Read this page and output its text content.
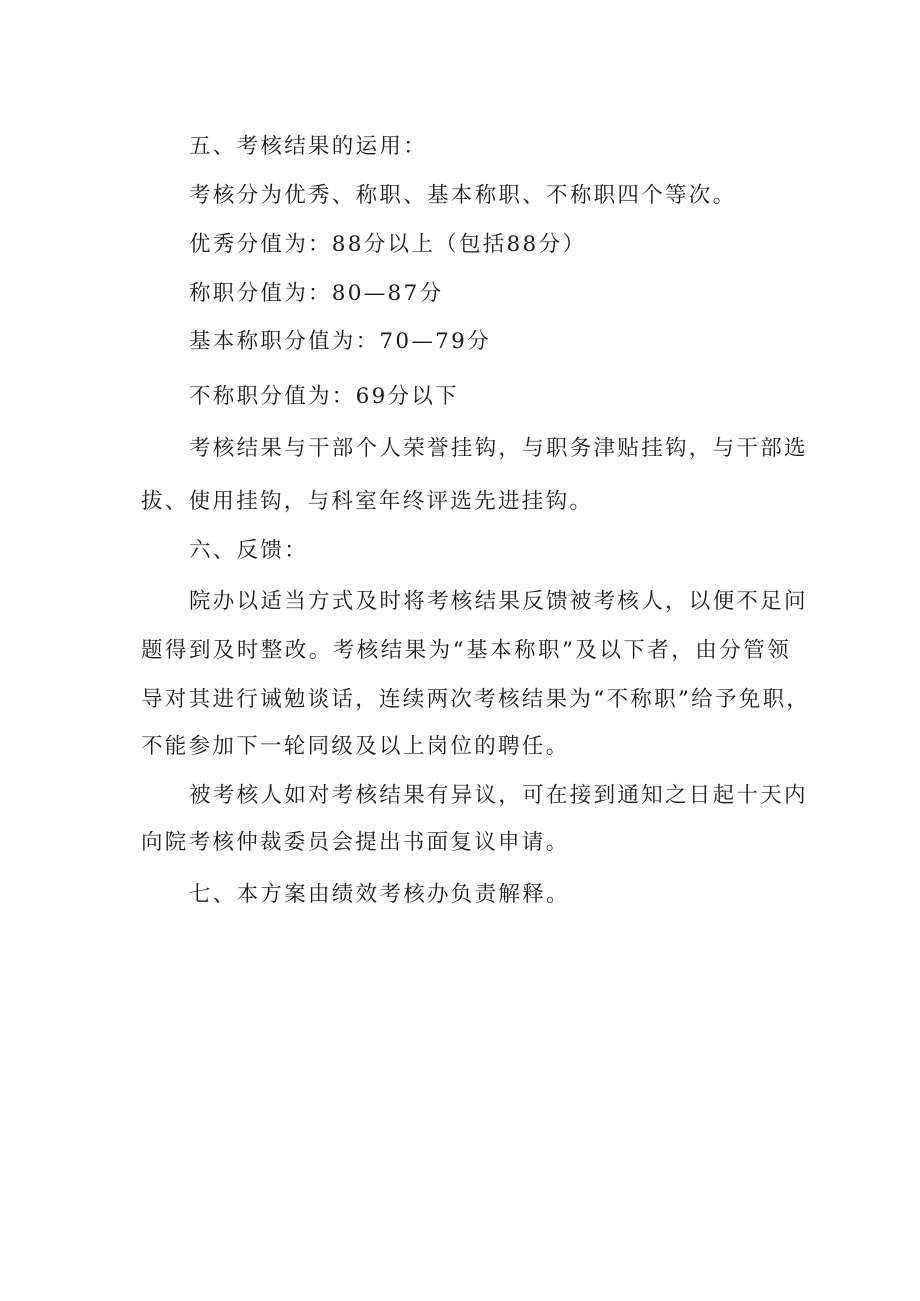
五、考核结果的运用：
考核分为优秀、称职、基本称职、不称职四个等次。
优秀分值为：88分以上（包括88分）
称职分值为：80—87分
基本称职分值为：70—79分
不称职分值为：69分以下
考核结果与干部个人荣誉挂钩，与职务津贴挂钩，与干部选
拔、使用挂钩，与科室年终评选先进挂钩。
六、反馈：
院办以适当方式及时将考核结果反馈被考核人，以便不足问
题得到及时整改。考核结果为“基本称职”及以下者，由分管领
导对其进行诫勉谈话，连续两次考核结果为“不称职”给予免职，
不能参加下一轮同级及以上岗位的聘任。
被考核人如对考核结果有异议，可在接到通知之日起十天内
向院考核仲裁委员会提出书面复议申请。
七、本方案由绩效考核办负责解释。
